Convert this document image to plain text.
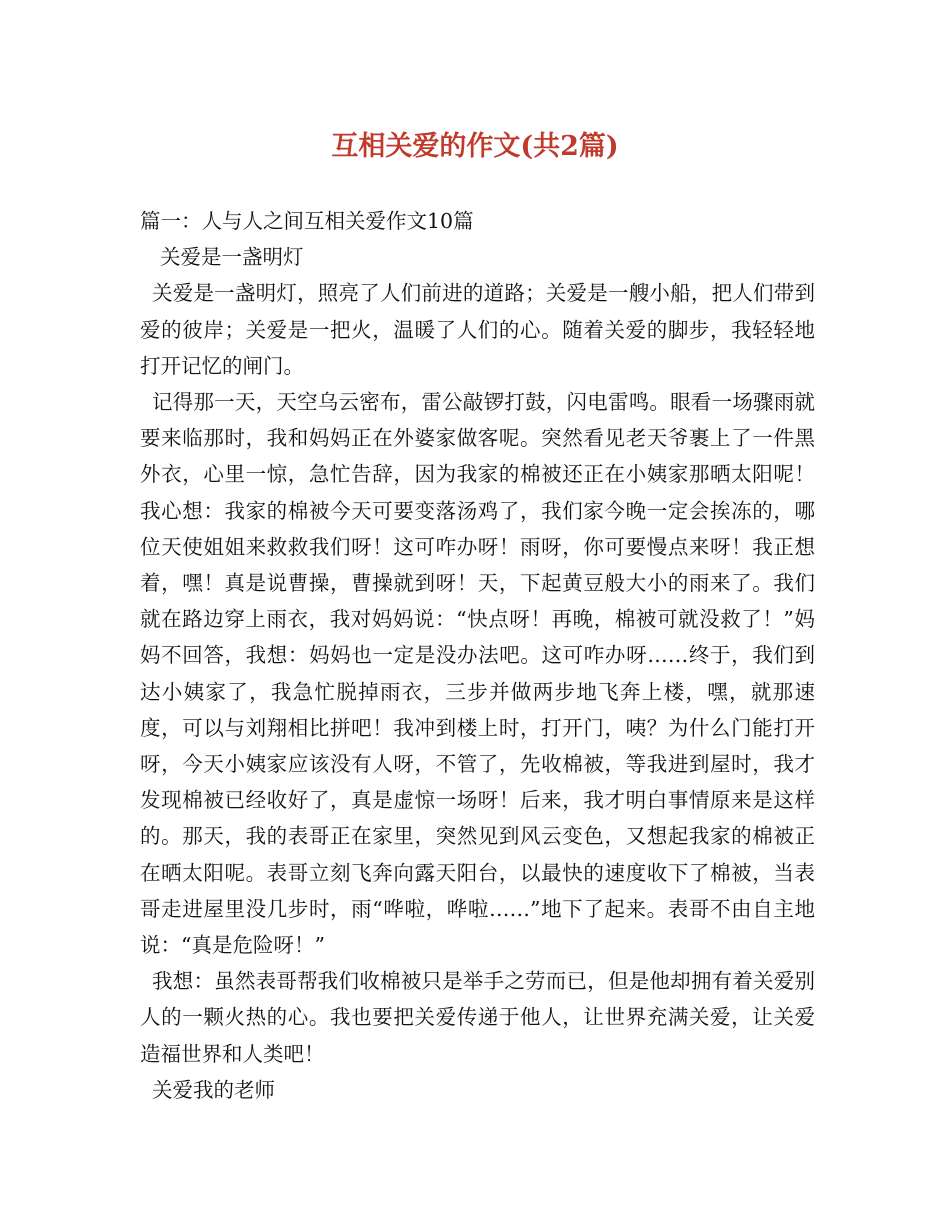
互相关爱的作文(共2篇)

篇一：人与人之间互相关爱作文10篇

关爱是一盏明灯

关爱是一盏明灯，照亮了人们前进的道路；关爱是一艘小船，把人们带到爱的彼岸；关爱是一把火，温暖了人们的心。随着关爱的脚步，我轻轻地打开记忆的闸门。

记得那一天，天空乌云密布，雷公敲锣打鼓，闪电雷鸣。眼看一场骤雨就要来临那时，我和妈妈正在外婆家做客呢。突然看见老天爷裹上了一件黑外衣，心里一惊，急忙告辞，因为我家的棉被还正在小姨家那晒太阳呢！我心想：我家的棉被今天可要变落汤鸡了，我们家今晚一定会挨冻的，哪位天使姐姐来救救我们呀！这可咋办呀！雨呀，你可要慢点来呀！我正想着，嘿！真是说曹操，曹操就到呀！天，下起黄豆般大小的雨来了。我们就在路边穿上雨衣，我对妈妈说：“快点呀！再晚，棉被可就没救了！”妈妈不回答，我想：妈妈也一定是没办法吧。这可咋办呀……终于，我们到达小姨家了，我急忙脱掉雨衣，三步并做两步地飞奔上楼，嘿，就那速度，可以与刘翔相比拼吧！我冲到楼上时，打开门，咦？为什么门能打开呀，今天小姨家应该没有人呀，不管了，先收棉被，等我进到屋时，我才发现棉被已经收好了，真是虚惊一场呀！后来，我才明白事情原来是这样的。那天，我的表哥正在家里，突然见到风云变色，又想起我家的棉被正在晒太阳呢。表哥立刻飞奔向露天阳台，以最快的速度收下了棉被，当表哥走进屋里没几步时，雨“哗啦，哗啦……”地下了起来。表哥不由自主地说：“真是危险呀！”

我想：虽然表哥帮我们收棉被只是举手之劳而已，但是他却拥有着关爱别人的一颗火热的心。我也要把关爱传递于他人，让世界充满关爱，让关爱造福世界和人类吧！

关爱我的老师
